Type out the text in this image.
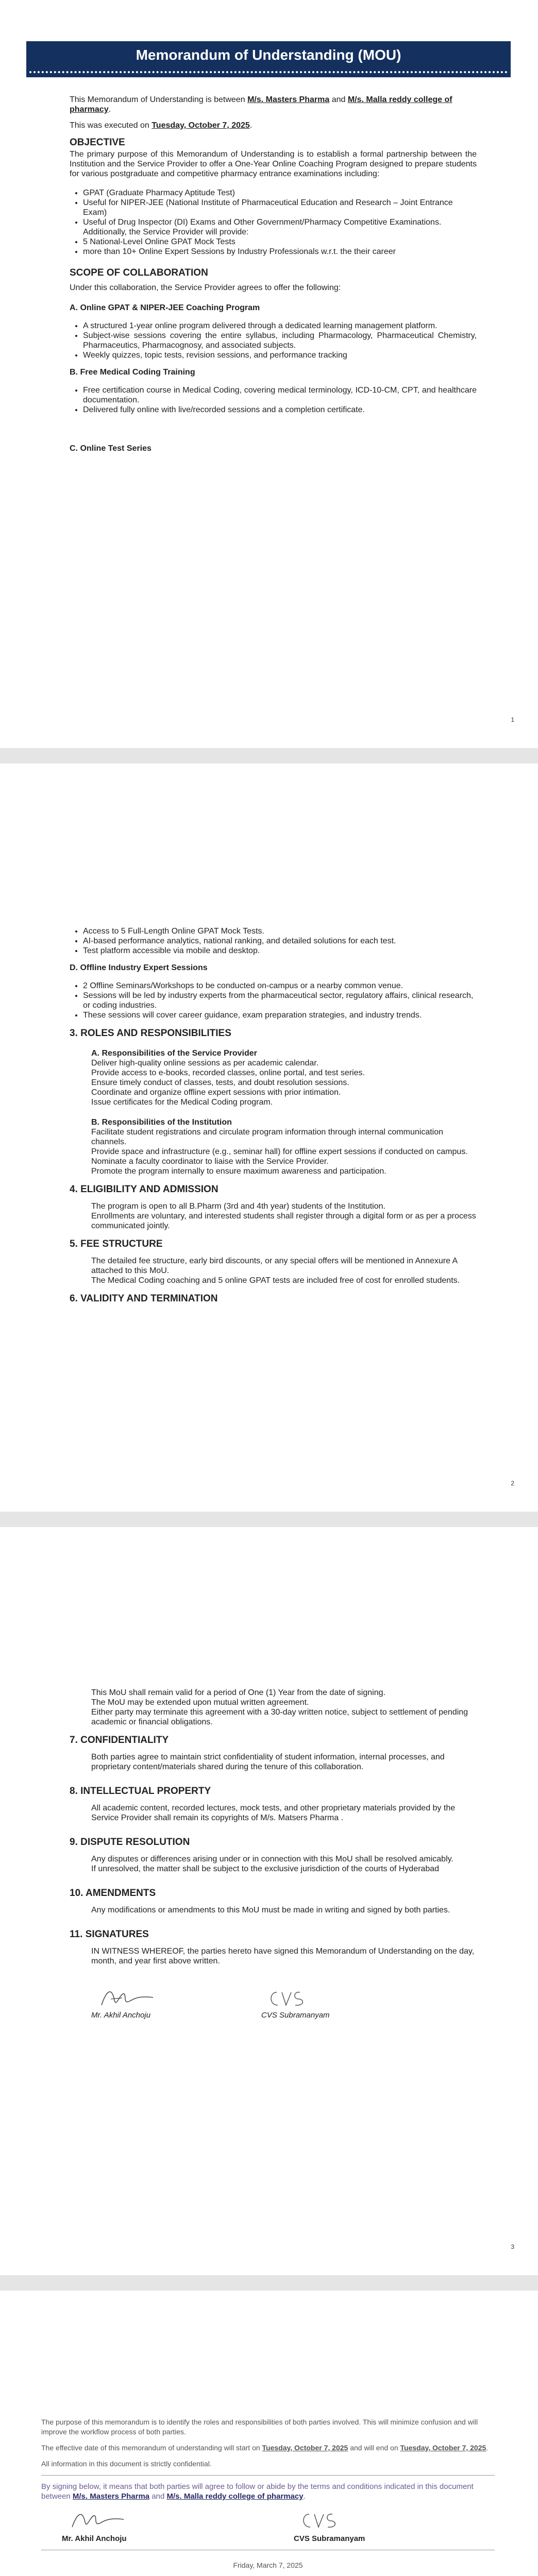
Memorandum of Understanding (MOU)

This Memorandum of Understanding is between M/s. Masters Pharma and M/s. Malla reddy college of pharmacy.

This was executed on Tuesday, October 7, 2025.

OBJECTIVE

The primary purpose of this Memorandum of Understanding is to establish a formal partnership between the Institution and the Service Provider to offer a One-Year Online Coaching Program designed to prepare students for various postgraduate and competitive pharmacy entrance examinations including:

• GPAT (Graduate Pharmacy Aptitude Test)
• Useful for NIPER-JEE (National Institute of Pharmaceutical Education and Research – Joint Entrance Exam)
• Useful of Drug Inspector (DI) Exams and Other Government/Pharmacy Competitive Examinations. Additionally, the Service Provider will provide:
• 5 National-Level Online GPAT Mock Tests
• more than 10+ Online Expert Sessions by Industry Professionals w.r.t. the their career
SCOPE OF COLLABORATION

Under this collaboration, the Service Provider agrees to offer the following:

A. Online GPAT & NIPER-JEE Coaching Program
• A structured 1-year online program delivered through a dedicated learning management platform.
• Subject-wise sessions covering the entire syllabus, including Pharmacology, Pharmaceutical Chemistry, Pharmaceutics, Pharmacognosy, and associated subjects.
• Weekly quizzes, topic tests, revision sessions, and performance tracking
B. Free Medical Coding Training
• Free certification course in Medical Coding, covering medical terminology, ICD-10-CM, CPT, and healthcare documentation.
• Delivered fully online with live/recorded sessions and a completion certificate.
C. Online Test Series
1
• Access to 5 Full-Length Online GPAT Mock Tests.
• AI-based performance analytics, national ranking, and detailed solutions for each test.
• Test platform accessible via mobile and desktop.
D. Offline Industry Expert Sessions
• 2 Offline Seminars/Workshops to be conducted on-campus or a nearby common venue.
• Sessions will be led by industry experts from the pharmaceutical sector, regulatory affairs, clinical research, or coding industries.
• These sessions will cover career guidance, exam preparation strategies, and industry trends.
3. ROLES AND RESPONSIBILITIES
A. Responsibilities of the Service Provider
Deliver high-quality online sessions as per academic calendar.
Provide access to e-books, recorded classes, online portal, and test series.
Ensure timely conduct of classes, tests, and doubt resolution sessions.
Coordinate and organize offline expert sessions with prior intimation.
Issue certificates for the Medical Coding program.
B. Responsibilities of the Institution
Facilitate student registrations and circulate program information through internal communication channels.
Provide space and infrastructure (e.g., seminar hall) for offline expert sessions if conducted on campus.
Nominate a faculty coordinator to liaise with the Service Provider.
Promote the program internally to ensure maximum awareness and participation.
4. ELIGIBILITY AND ADMISSION
The program is open to all B.Pharm (3rd and 4th year) students of the Institution.
Enrollments are voluntary, and interested students shall register through a digital form or as per a process communicated jointly.
5. FEE STRUCTURE
The detailed fee structure, early bird discounts, or any special offers will be mentioned in Annexure A attached to this MoU.
The Medical Coding coaching and 5 online GPAT tests are included free of cost for enrolled students.
6. VALIDITY AND TERMINATION
2
This MoU shall remain valid for a period of One (1) Year from the date of signing.
The MoU may be extended upon mutual written agreement.
Either party may terminate this agreement with a 30-day written notice, subject to settlement of pending academic or financial obligations.
7. CONFIDENTIALITY
Both parties agree to maintain strict confidentiality of student information, internal processes, and proprietary content/materials shared during the tenure of this collaboration.
8. INTELLECTUAL PROPERTY
All academic content, recorded lectures, mock tests, and other proprietary materials provided by the Service Provider shall remain its copyrights of M/s. Matsers Pharma .
9. DISPUTE RESOLUTION
Any disputes or differences arising under or in connection with this MoU shall be resolved amicably.
If unresolved, the matter shall be subject to the exclusive jurisdiction of the courts of Hyderabad
10. AMENDMENTS
Any modifications or amendments to this MoU must be made in writing and signed by both parties.
11. SIGNATURES
IN WITNESS WHEREOF, the parties hereto have signed this Memorandum of Understanding on the day, month, and year first above written.
Mr. Akhil Anchoju	CVS Subramanyam
3

The purpose of this memorandum is to identify the roles and responsibilities of both parties involved. This will minimize confusion and will improve the workflow process of both parties.

The effective date of this memorandum of understanding will start on Tuesday, October 7, 2025 and will end on Tuesday, October 7, 2025.

All information in this document is strictly confidential.

By signing below, it means that both parties will agree to follow or abide by the terms and conditions indicated in this document between M/s. Masters Pharma and M/s. Malla reddy college of pharmacy.

Mr. Akhil Anchoju	CVS Subramanyam

Friday, March 7, 2025
